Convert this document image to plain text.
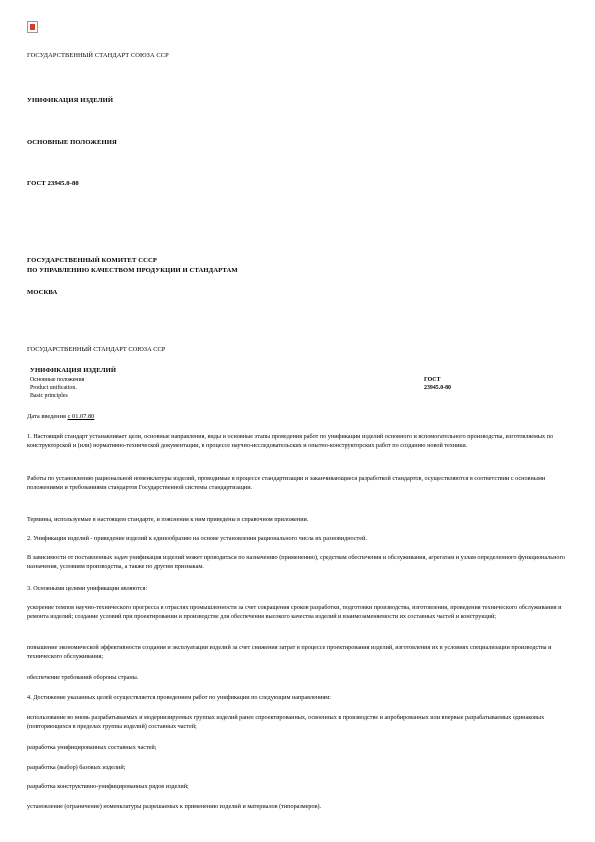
ГОСУДАРСТВЕННЫЙ СТАНДАРТ СОЮЗА ССР
УНИФИКАЦИЯ ИЗДЕЛИЙ
ОСНОВНЫЕ ПОЛОЖЕНИЯ
ГОСТ 23945.0-80
ГОСУДАРСТВЕННЫЙ КОМИТЕТ СССР
ПО УПРАВЛЕНИЮ КАЧЕСТВОМ ПРОДУКЦИИ И СТАНДАРТАМ
МОСКВА
ГОСУДАРСТВЕННЫЙ СТАНДАРТ СОЮЗА ССР
УНИФИКАЦИЯ ИЗДЕЛИЙ
Основные положения
Product unification.
Basic principles
ГОСТ
23945.0-80
Дата введения с 01.07.80
1. Настоящий стандарт устанавливает цели, основные направления, виды и основные этапы проведения работ по унификации изделий основного и вспомогательного производства, изготовляемых по конструкторской и (или) нормативно-технической документации, в процессе научно-исследовательских и опытно-конструкторских работ по созданию новой техники.
Работы по установлению рациональной номенклатуры изделий, проводимые в процессе стандартизации и заканчивающиеся разработкой стандартов, осуществляются в соответствии с основными положениями и требованиями стандартов Государственной системы стандартизации.
Термины, используемые в настоящем стандарте, и пояснения к ним приведены в справочном приложении.
2. Унификация изделий - приведение изделий к единообразию на основе установления рационального числа их разновидностей.
В зависимости от поставленных задач унификация изделий может проводиться по назначению (применению), средствам обеспечения и обслуживания, агрегатам и узлам определенного функционального назначения, условиям производства, а также по другим признакам.
3. Основными целями унификации являются:
ускорение темпов научно-технического прогресса в отраслях промышленности за счет сокращения сроков разработки, подготовки производства, изготовления, проведения технического обслуживания и ремонта изделий; создание условий при проектировании и производстве для обеспечения высокого качества изделий и взаимозаменяемости их составных частей и конструкций;
повышение экономической эффективности создания и эксплуатации изделий за счет снижения затрат в процессе проектирования изделий, изготовления их в условиях специализации производства и технического обслуживания;
обеспечение требований обороны страны.
4. Достижение указанных целей осуществляется проведением работ по унификации по следующим направлениям:
использование во вновь разрабатываемых и модернизируемых группах изделий ранее спроектированных, освоенных в производстве и апробированных или впервые разрабатываемых одинаковых (повторяющихся в пределах группы изделий) составных частей;
разработка унифицированных составных частей;
разработка (выбор) базовых изделий;
разработка конструктивно-унифицированных рядов изделий;
установление (ограничение) номенклатуры разрешаемых к применению изделий и материалов (типоразмеров).
